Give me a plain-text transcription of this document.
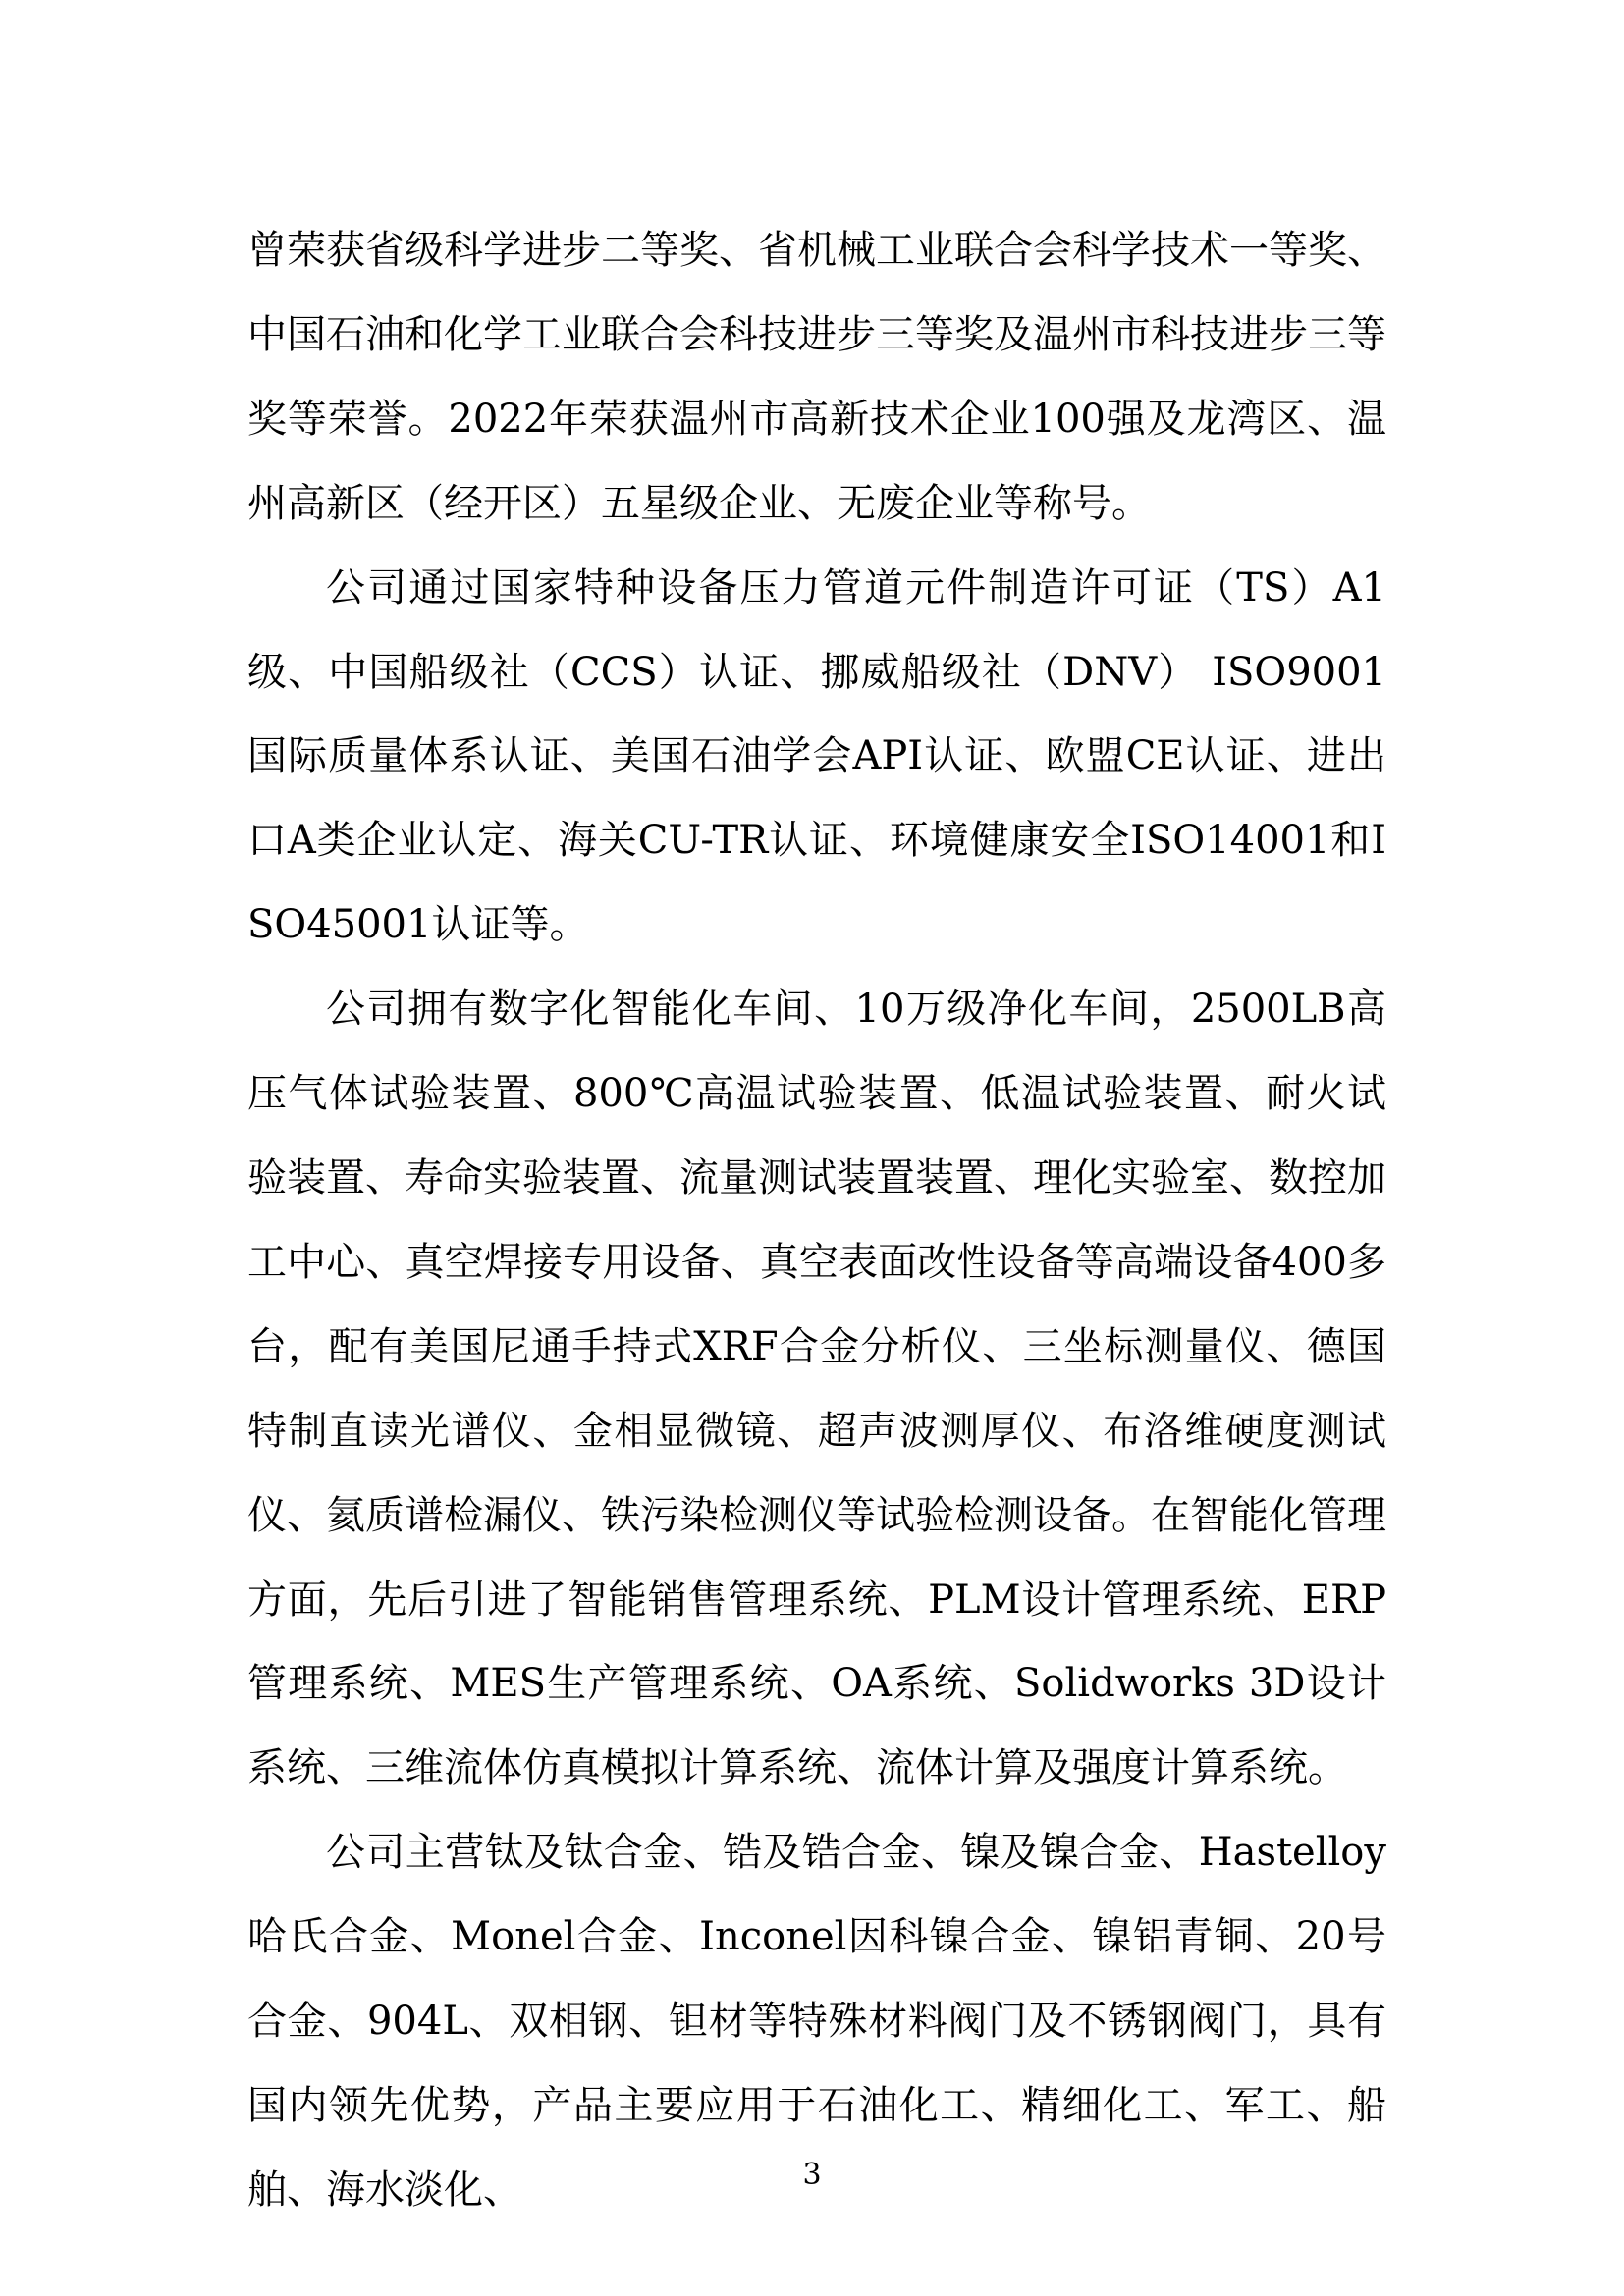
曾荣获省级科学进步二等奖、省机械工业联合会科学技术一等奖、中国石油和化学工业联合会科技进步三等奖及温州市科技进步三等奖等荣誉。2022年荣获温州市高新技术企业100强及龙湾区、温州高新区（经开区）五星级企业、无废企业等称号。

公司通过国家特种设备压力管道元件制造许可证（TS）A1级、中国船级社（CCS）认证、挪威船级社（DNV） ISO9001国际质量体系认证、美国石油学会API认证、欧盟CE认证、进出口A类企业认定、海关CU-TR认证、环境健康安全ISO14001和ISO45001认证等。

公司拥有数字化智能化车间、10万级净化车间，2500LB高压气体试验装置、800℃高温试验装置、低温试验装置、耐火试验装置、寿命实验装置、流量测试装置装置、理化实验室、数控加工中心、真空焊接专用设备、真空表面改性设备等高端设备400多台，配有美国尼通手持式XRF合金分析仪、三坐标测量仪、德国特制直读光谱仪、金相显微镜、超声波测厚仪、布洛维硬度测试仪、氦质谱检漏仪、铁污染检测仪等试验检测设备。在智能化管理方面，先后引进了智能销售管理系统、PLM设计管理系统、ERP管理系统、MES生产管理系统、OA系统、Solidworks 3D设计系统、三维流体仿真模拟计算系统、流体计算及强度计算系统。

公司主营钛及钛合金、锆及锆合金、镍及镍合金、Hastelloy哈氏合金、Monel合金、Inconel因科镍合金、镍铝青铜、20号合金、904L、双相钢、钽材等特殊材料阀门及不锈钢阀门，具有国内领先优势，产品主要应用于石油化工、精细化工、军工、船舶、海水淡化、	3
